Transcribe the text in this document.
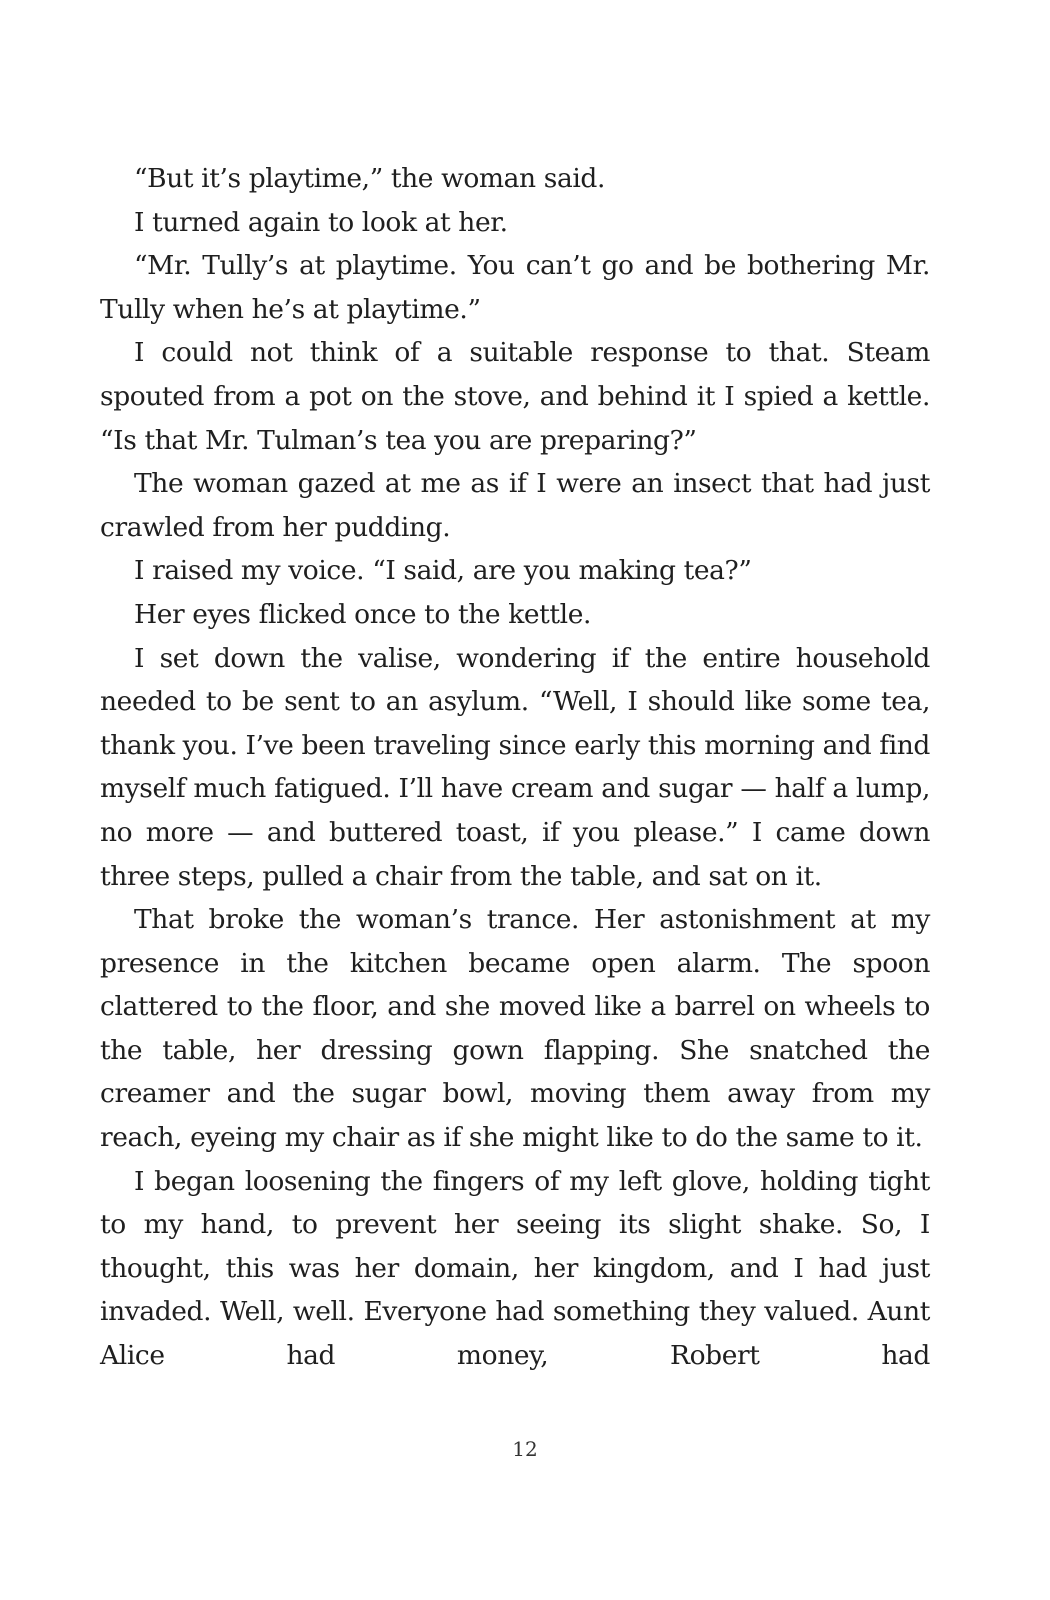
“But it’s playtime,” the woman said.

I turned again to look at her.

“Mr. Tully’s at playtime. You can’t go and be bothering Mr. Tully when he’s at playtime.”

I could not think of a suitable response to that. Steam spouted from a pot on the stove, and behind it I spied a kettle. “Is that Mr. Tulman’s tea you are preparing?”

The woman gazed at me as if I were an insect that had just crawled from her pudding.

I raised my voice. “I said, are you making tea?”

Her eyes flicked once to the kettle.

I set down the valise, wondering if the entire household needed to be sent to an asylum. “Well, I should like some tea, thank you. I’ve been traveling since early this morning and find myself much fatigued. I’ll have cream and sugar — half a lump, no more — and buttered toast, if you please.” I came down three steps, pulled a chair from the table, and sat on it.

That broke the woman’s trance. Her astonishment at my presence in the kitchen became open alarm. The spoon clattered to the floor, and she moved like a barrel on wheels to the table, her dressing gown flapping. She snatched the creamer and the sugar bowl, moving them away from my reach, eyeing my chair as if she might like to do the same to it.

I began loosening the fingers of my left glove, holding tight to my hand, to prevent her seeing its slight shake. So, I thought, this was her domain, her kingdom, and I had just invaded. Well, well. Everyone had something they valued. Aunt Alice had money, Robert had

12
